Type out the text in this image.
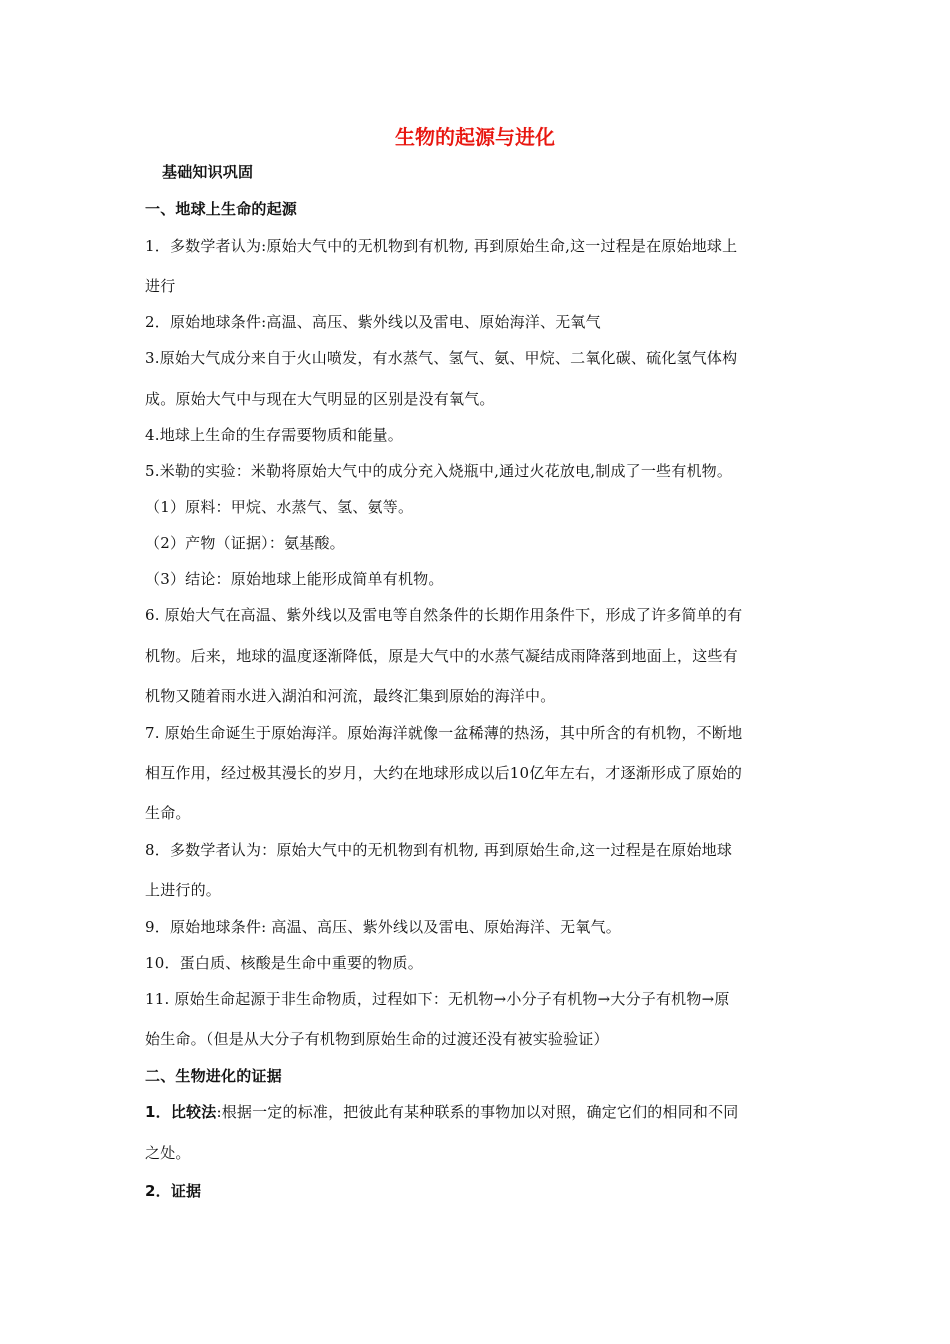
生物的起源与进化
基础知识巩固
一、地球上生命的起源
1．多数学者认为:原始大气中的无机物到有机物, 再到原始生命,这一过程是在原始地球上
进行
2．原始地球条件:高温、高压、紫外线以及雷电、原始海洋、无氧气
3.原始大气成分来自于火山喷发，有水蒸气、氢气、氨、甲烷、二氧化碳、硫化氢气体构
成。原始大气中与现在大气明显的区别是没有氧气。
4.地球上生命的生存需要物质和能量。
5.米勒的实验：米勒将原始大气中的成分充入烧瓶中,通过火花放电,制成了一些有机物。
（1）原料：甲烷、水蒸气、氢、氨等。
（2）产物（证据）：氨基酸。
（3）结论：原始地球上能形成简单有机物。
6. 原始大气在高温、紫外线以及雷电等自然条件的长期作用条件下，形成了许多简单的有
机物。后来，地球的温度逐渐降低，原是大气中的水蒸气凝结成雨降落到地面上，这些有
机物又随着雨水进入湖泊和河流，最终汇集到原始的海洋中。
7. 原始生命诞生于原始海洋。原始海洋就像一盆稀薄的热汤，其中所含的有机物，不断地
相互作用，经过极其漫长的岁月，大约在地球形成以后10亿年左右，才逐渐形成了原始的
生命。
8．多数学者认为：原始大气中的无机物到有机物, 再到原始生命,这一过程是在原始地球
上进行的。
9．原始地球条件: 高温、高压、紫外线以及雷电、原始海洋、无氧气。
10．蛋白质、核酸是生命中重要的物质。
11. 原始生命起源于非生命物质，过程如下：无机物→小分子有机物→大分子有机物→原
始生命。（但是从大分子有机物到原始生命的过渡还没有被实验验证）
二、生物进化的证据
1．比较法:根据一定的标准，把彼此有某种联系的事物加以对照，确定它们的相同和不同
之处。
2．证据
